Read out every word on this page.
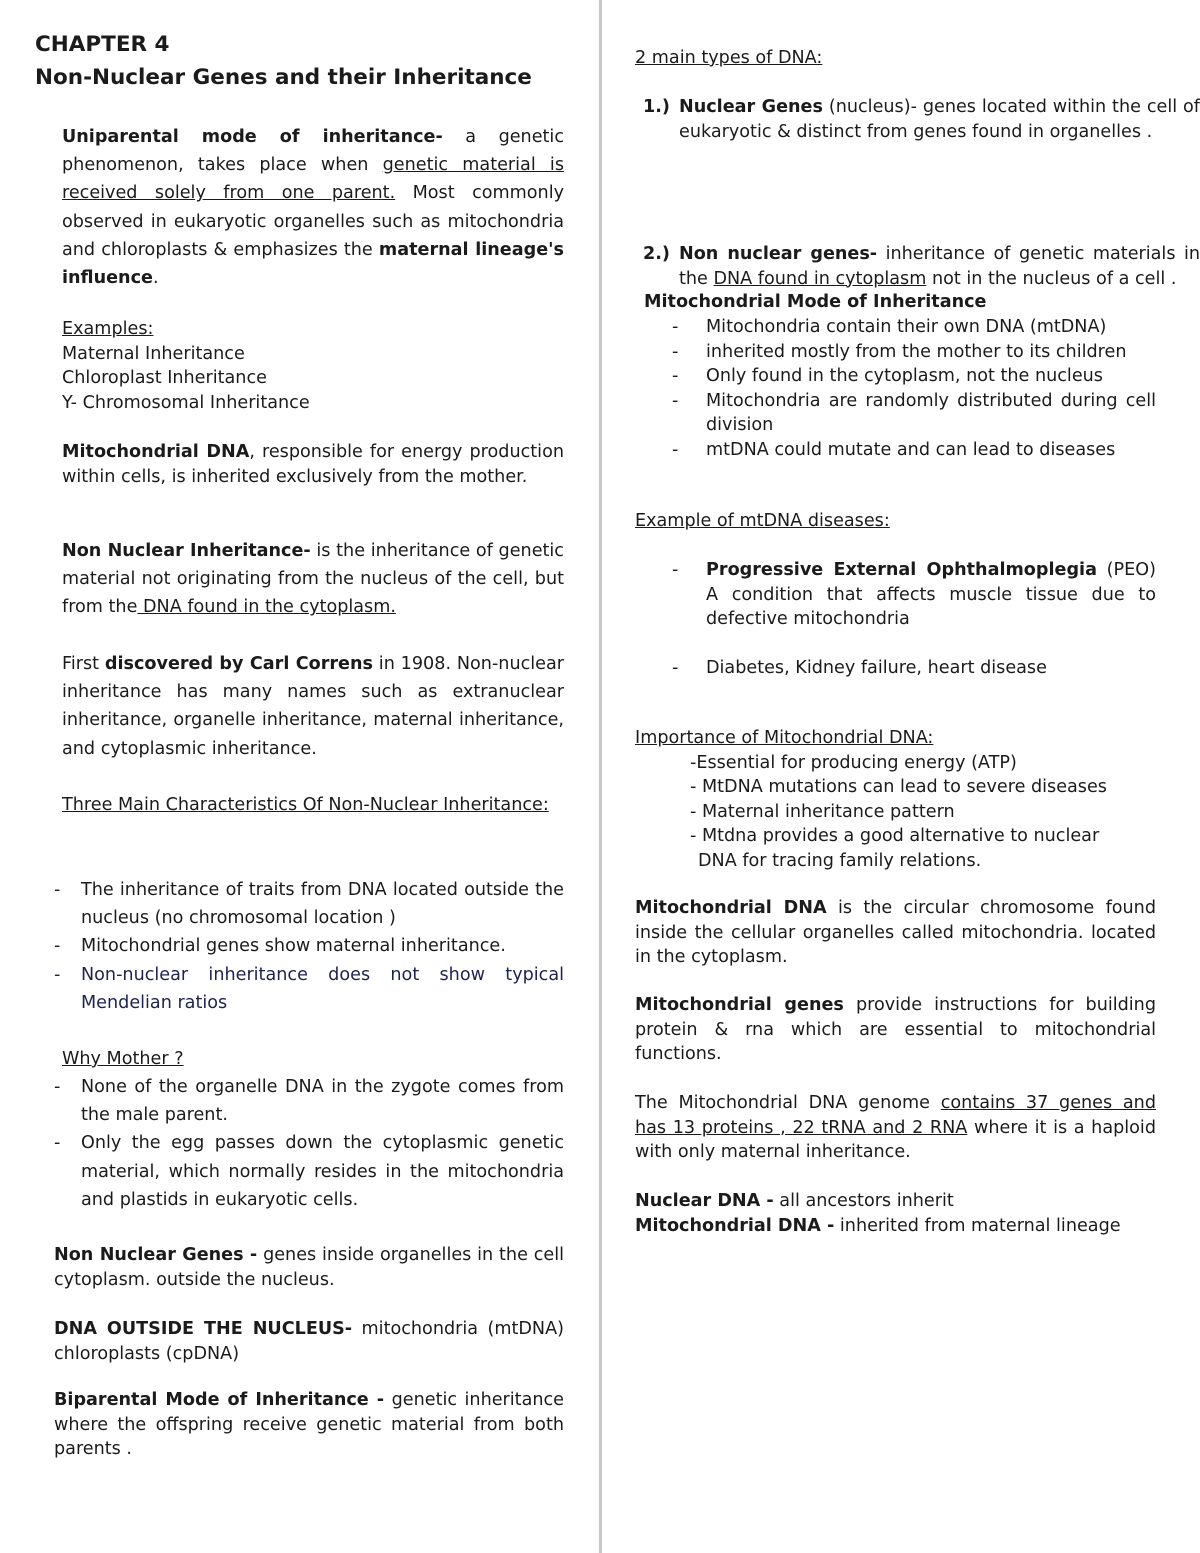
CHAPTER 4
Non-Nuclear Genes and their Inheritance

Uniparental mode of inheritance- a genetic phenomenon, takes place when genetic material is received solely from one parent. Most commonly observed in eukaryotic organelles such as mitochondria and chloroplasts & emphasizes the maternal lineage's influence.

Examples:
Maternal Inheritance
Chloroplast Inheritance
Y- Chromosomal Inheritance

Mitochondrial DNA, responsible for energy production within cells, is inherited exclusively from the mother.

Non Nuclear Inheritance- is the inheritance of genetic material not originating from the nucleus of the cell, but from the DNA found in the cytoplasm.

First discovered by Carl Correns in 1908. Non-nuclear inheritance has many names such as extranuclear inheritance, organelle inheritance, maternal inheritance, and cytoplasmic inheritance.

Three Main Characteristics Of Non-Nuclear Inheritance:

- The inheritance of traits from DNA located outside the nucleus (no chromosomal location )
- Mitochondrial genes show maternal inheritance.
- Non-nuclear inheritance does not show typical Mendelian ratios

Why Mother ?

- None of the organelle DNA in the zygote comes from the male parent.
- Only the egg passes down the cytoplasmic genetic material, which normally resides in the mitochondria and plastids in eukaryotic cells.

Non Nuclear Genes - genes inside organelles in the cell cytoplasm. outside the nucleus.

DNA OUTSIDE THE NUCLEUS- mitochondria (mtDNA) chloroplasts (cpDNA)

Biparental Mode of Inheritance - genetic inheritance where the offspring receive genetic material from both parents .

2 main types of DNA:

1.) Nuclear Genes (nucleus)- genes located within the cell of eukaryotic & distinct from genes found in organelles .

2.) Non nuclear genes- inheritance of genetic materials in the DNA found in cytoplasm not in the nucleus of a cell .

Mitochondrial Mode of Inheritance

- Mitochondria contain their own DNA (mtDNA)
- inherited mostly from the mother to its children
- Only found in the cytoplasm, not the nucleus
- Mitochondria are randomly distributed during cell division
- mtDNA could mutate and can lead to diseases

Example of mtDNA diseases:

- Progressive External Ophthalmoplegia (PEO) A condition that affects muscle tissue due to defective mitochondria
- Diabetes, Kidney failure, heart disease
Importance of Mitochondrial DNA:
-Essential for producing energy (ATP)
- MtDNA mutations can lead to severe diseases
- Maternal inheritance pattern
- Mtdna provides a good alternative to nuclear
DNA for tracing family relations.

Mitochondrial DNA is the circular chromosome found inside the cellular organelles called mitochondria. located in the cytoplasm.

Mitochondrial genes provide instructions for building protein & rna which are essential to mitochondrial functions.

The Mitochondrial DNA genome contains 37 genes and has 13 proteins , 22 tRNA and 2 RNA where it is a haploid with only maternal inheritance.

Nuclear DNA - all ancestors inherit

Mitochondrial DNA - inherited from maternal lineage
